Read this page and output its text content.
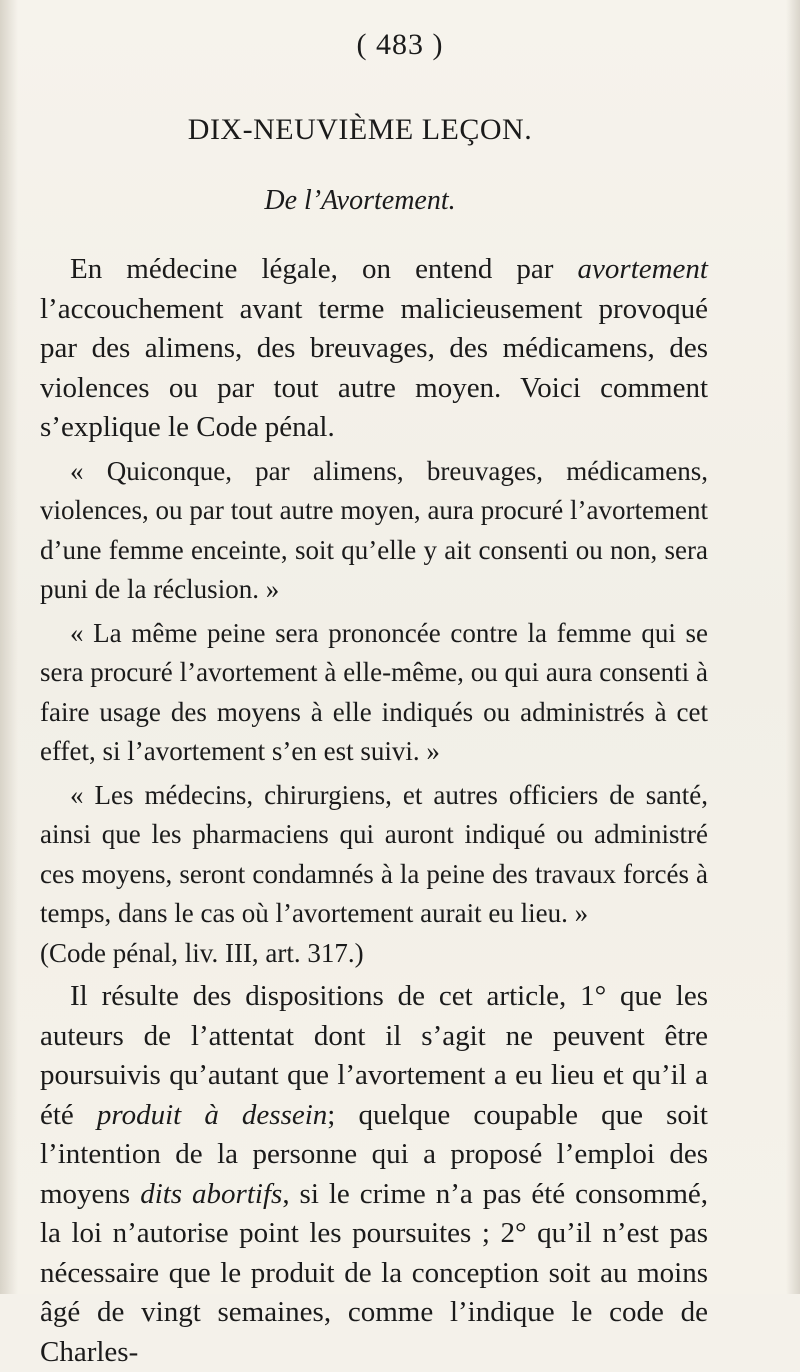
( 483 )
DIX-NEUVIÈME LEÇON.
De l’Avortement.

En médecine légale, on entend par avortement l’accouchement avant terme malicieusement provoqué par des alimens, des breuvages, des médicamens, des violences ou par tout autre moyen. Voici comment s’explique le Code pénal.

« Quiconque, par alimens, breuvages, médicamens, violences, ou par tout autre moyen, aura procuré l’avortement d’une femme enceinte, soit qu’elle y ait consenti ou non, sera puni de la réclusion. »

« La même peine sera prononcée contre la femme qui se sera procuré l’avortement à elle-même, ou qui aura consenti à faire usage des moyens à elle indiqués ou administrés à cet effet, si l’avortement s’en est suivi. »

« Les médecins, chirurgiens, et autres officiers de santé, ainsi que les pharmaciens qui auront indiqué ou administré ces moyens, seront condamnés à la peine des travaux forcés à temps, dans le cas où l’avortement aurait eu lieu. »

(Code pénal, liv. III, art. 317.)

Il résulte des dispositions de cet article, 1° que les auteurs de l’attentat dont il s’agit ne peuvent être poursuivis qu’autant que l’avortement a eu lieu et qu’il a été produit à dessein; quelque coupable que soit l’intention de la personne qui a proposé l’emploi des moyens dits abortifs, si le crime n’a pas été consommé, la loi n’autorise point les poursuites ; 2° qu’il n’est pas nécessaire que le produit de la conception soit au moins âgé de vingt semaines, comme l’indique le code de Charles-
